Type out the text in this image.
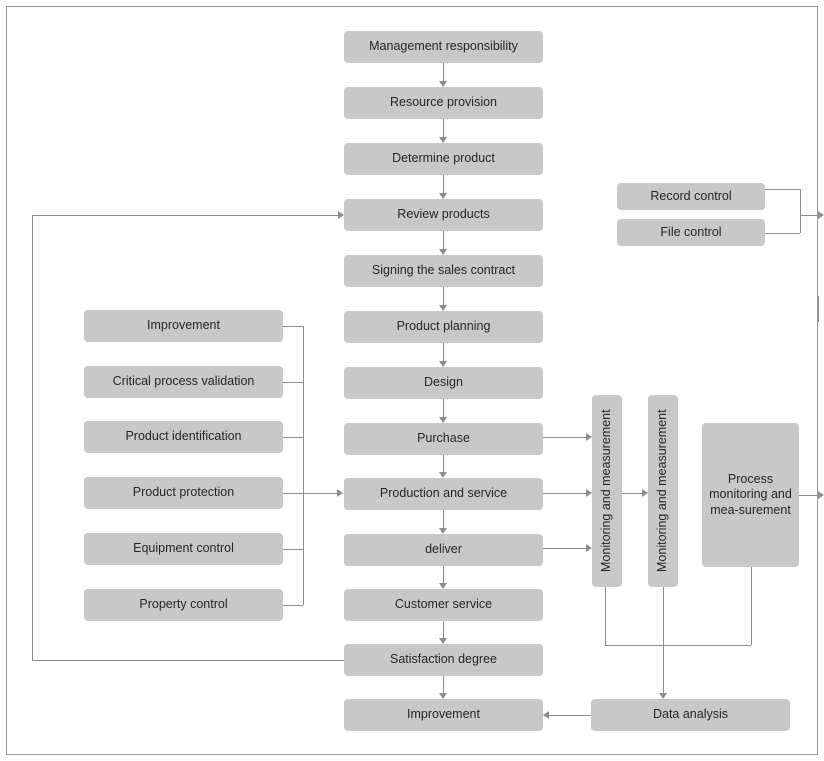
Management responsibility
Resource provision
Determine product
Review products
Signing the sales contract
Product planning
Design
Purchase
Production and service
deliver
Customer service
Satisfaction degree
Improvement
Improvement
Critical process validation
Product identification
Product protection
Equipment control
Property control
Record control
File control
Monitoring and measurement	Monitoring and measurement	Process monitoring and mea-surement
Data analysis
